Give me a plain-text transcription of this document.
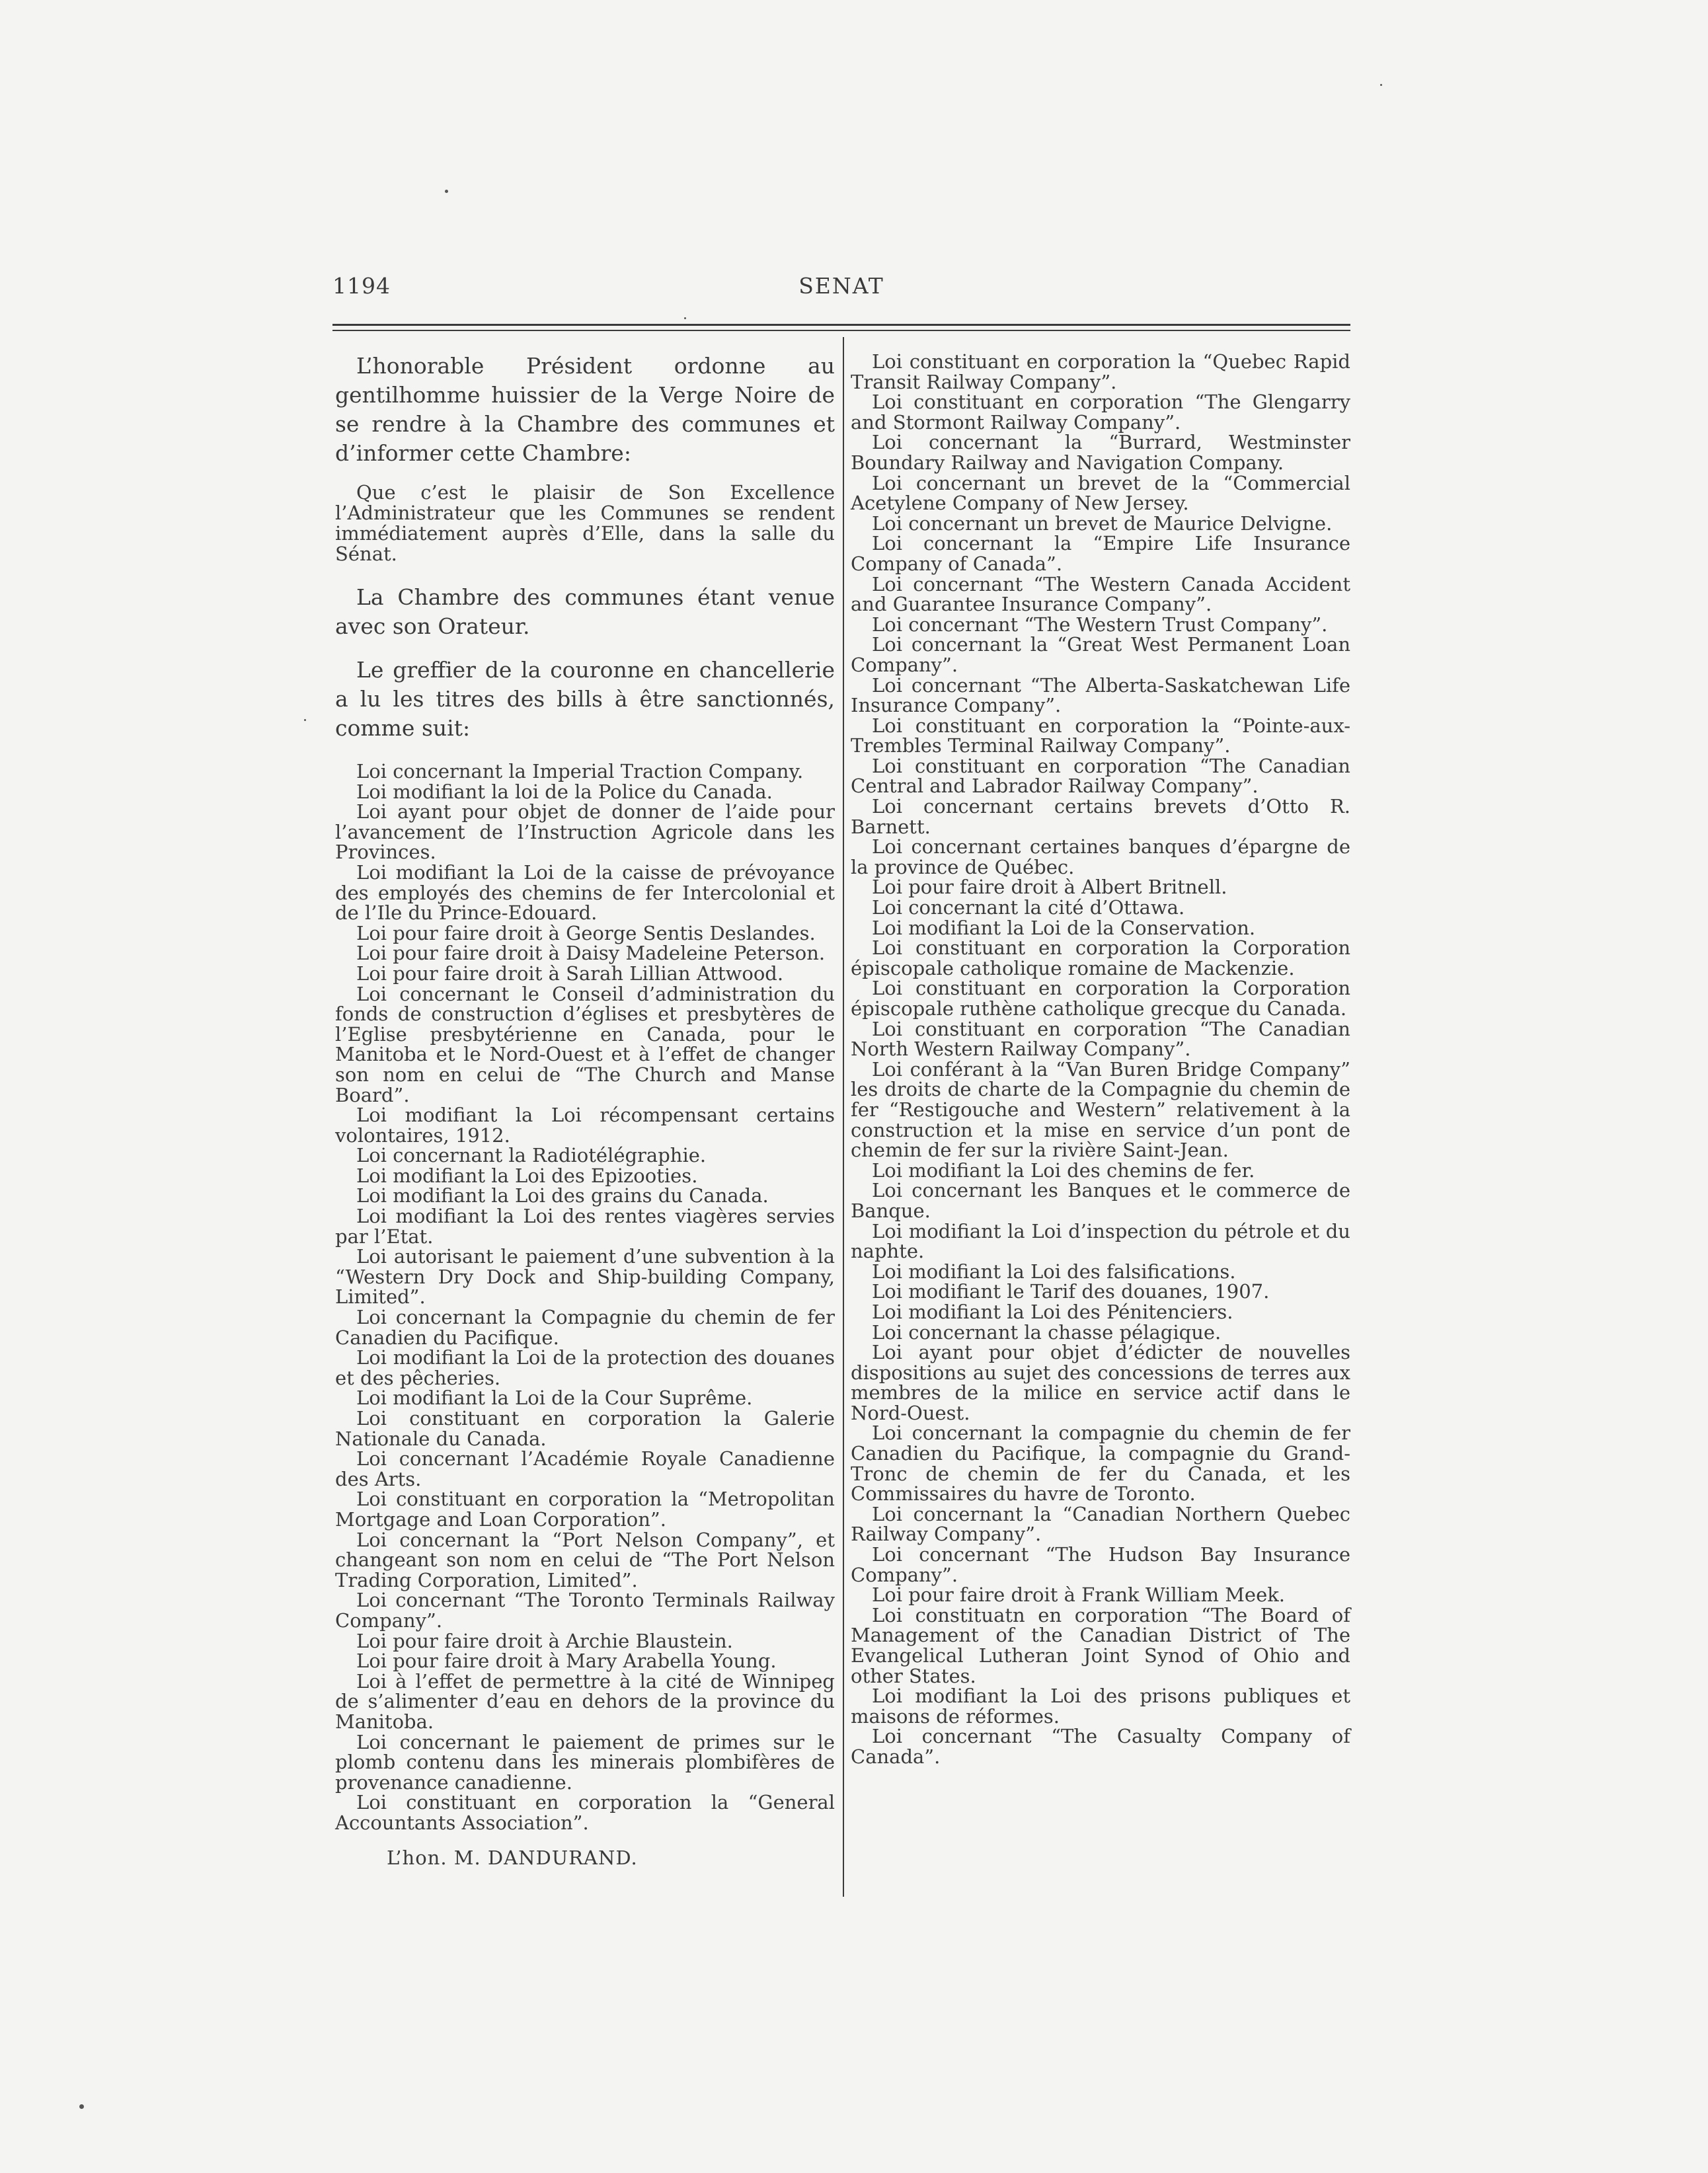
1194	SENAT

L’honorable Président ordonne au gentilhomme huissier de la Verge Noire de se rendre à la Chambre des communes et d’informer cette Chambre:

Que c’est le plaisir de Son Excellence l’Administrateur que les Communes se rendent immédiatement auprès d’Elle, dans la salle du Sénat.

La Chambre des communes étant venue avec son Orateur.

Le greffier de la couronne en chancellerie a lu les titres des bills à être sanctionnés, comme suit:

Loi concernant la Imperial Traction Company.

Loi modifiant la loi de la Police du Canada.

Loi ayant pour objet de donner de l’aide pour l’avancement de l’Instruction Agricole dans les Provinces.

Loi modifiant la Loi de la caisse de prévoyance des employés des chemins de fer Intercolonial et de l’Ile du Prince-Edouard.

Loi pour faire droit à George Sentis Deslandes.

Loi pour faire droit à Daisy Madeleine Peterson.

Loi pour faire droit à Sarah Lillian Attwood.

Loi concernant le Conseil d’administration du fonds de construction d’églises et presbytères de l’Eglise presbytérienne en Canada, pour le Manitoba et le Nord-Ouest et à l’effet de changer son nom en celui de “The Church and Manse Board”.

Loi modifiant la Loi récompensant certains volontaires, 1912.

Loi concernant la Radiotélégraphie.

Loi modifiant la Loi des Epizooties.

Loi modifiant la Loi des grains du Canada.

Loi modifiant la Loi des rentes viagères servies par l’Etat.

Loi autorisant le paiement d’une subvention à la “Western Dry Dock and Ship-building Company, Limited”.

Loi concernant la Compagnie du chemin de fer Canadien du Pacifique.

Loi modifiant la Loi de la protection des douanes et des pêcheries.

Loi modifiant la Loi de la Cour Suprême.

Loi constituant en corporation la Galerie Nationale du Canada.

Loi concernant l’Académie Royale Canadienne des Arts.

Loi constituant en corporation la “Metropolitan Mortgage and Loan Corporation”.

Loi concernant la “Port Nelson Company”, et changeant son nom en celui de “The Port Nelson Trading Corporation, Limited”.

Loi concernant “The Toronto Terminals Railway Company”.

Loi pour faire droit à Archie Blaustein.

Loi pour faire droit à Mary Arabella Young.

Loi à l’effet de permettre à la cité de Winnipeg de s’alimenter d’eau en dehors de la province du Manitoba.

Loi concernant le paiement de primes sur le plomb contenu dans les minerais plombifères de provenance canadienne.

Loi constituant en corporation la “General Accountants Association”.

L’hon. M. DANDURAND.

Loi constituant en corporation la “Quebec Rapid Transit Railway Company”.

Loi constituant en corporation “The Glengarry and Stormont Railway Company”.

Loi concernant la “Burrard, Westminster Boundary Railway and Navigation Company.

Loi concernant un brevet de la “Commercial Acetylene Company of New Jersey.

Loi concernant un brevet de Maurice Delvigne.

Loi concernant la “Empire Life Insurance Company of Canada”.

Loi concernant “The Western Canada Accident and Guarantee Insurance Company”.

Loi concernant “The Western Trust Company”.

Loi concernant la “Great West Permanent Loan Company”.

Loi concernant “The Alberta-Saskatchewan Life Insurance Company”.

Loi constituant en corporation la “Pointe-aux-Trembles Terminal Railway Company”.

Loi constituant en corporation “The Canadian Central and Labrador Railway Company”.

Loi concernant certains brevets d’Otto R. Barnett.

Loi concernant certaines banques d’épargne de la province de Québec.

Loi pour faire droit à Albert Britnell.

Loi concernant la cité d’Ottawa.

Loi modifiant la Loi de la Conservation.

Loi constituant en corporation la Corporation épiscopale catholique romaine de Mackenzie.

Loi constituant en corporation la Corporation épiscopale ruthène catholique grecque du Canada.

Loi constituant en corporation “The Canadian North Western Railway Company”.

Loi conférant à la “Van Buren Bridge Company” les droits de charte de la Compagnie du chemin de fer “Restigouche and Western” relativement à la construction et la mise en service d’un pont de chemin de fer sur la rivière Saint-Jean.

Loi modifiant la Loi des chemins de fer.

Loi concernant les Banques et le commerce de Banque.

Loi modifiant la Loi d’inspection du pétrole et du naphte.

Loi modifiant la Loi des falsifications.

Loi modifiant le Tarif des douanes, 1907.

Loi modifiant la Loi des Pénitenciers.

Loi concernant la chasse pélagique.

Loi ayant pour objet d’édicter de nouvelles dispositions au sujet des concessions de terres aux membres de la milice en service actif dans le Nord-Ouest.

Loi concernant la compagnie du chemin de fer Canadien du Pacifique, la compagnie du Grand-Tronc de chemin de fer du Canada, et les Commissaires du havre de Toronto.

Loi concernant la “Canadian Northern Quebec Railway Company”.

Loi concernant “The Hudson Bay Insurance Company”.

Loi pour faire droit à Frank William Meek.

Loi constituatn en corporation “The Board of Management of the Canadian District of The Evangelical Lutheran Joint Synod of Ohio and other States.

Loi modifiant la Loi des prisons publiques et maisons de réformes.

Loi concernant “The Casualty Company of Canada”.
